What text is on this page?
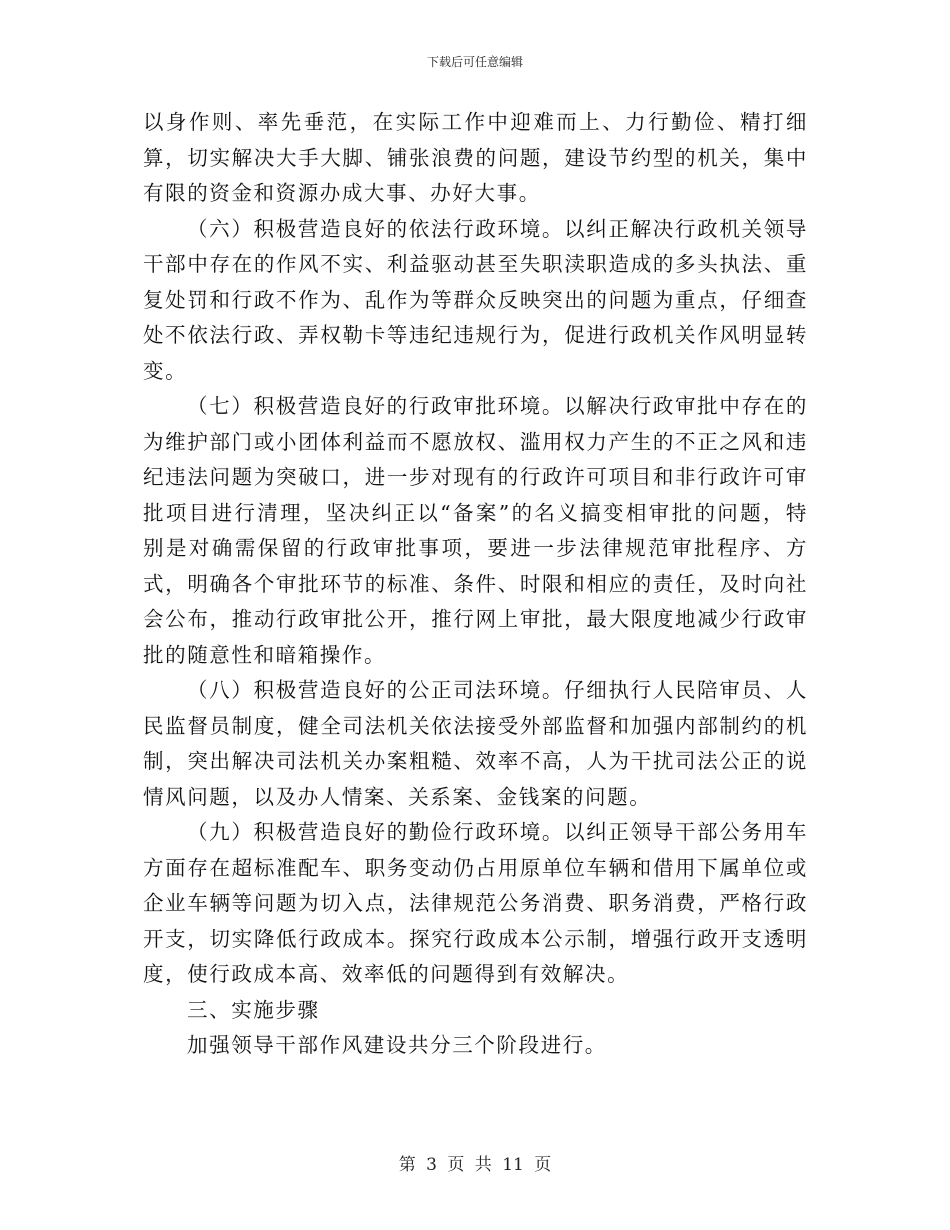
下载后可任意编辑

以身作则、率先垂范，在实际工作中迎难而上、力行勤俭、精打细算，切实解决大手大脚、铺张浪费的问题，建设节约型的机关，集中有限的资金和资源办成大事、办好大事。

（六）积极营造良好的依法行政环境。以纠正解决行政机关领导干部中存在的作风不实、利益驱动甚至失职渎职造成的多头执法、重复处罚和行政不作为、乱作为等群众反映突出的问题为重点，仔细查处不依法行政、弄权勒卡等违纪违规行为，促进行政机关作风明显转变。

（七）积极营造良好的行政审批环境。以解决行政审批中存在的为维护部门或小团体利益而不愿放权、滥用权力产生的不正之风和违纪违法问题为突破口，进一步对现有的行政许可项目和非行政许可审批项目进行清理，坚决纠正以“备案”的名义搞变相审批的问题，特别是对确需保留的行政审批事项，要进一步法律规范审批程序、方式，明确各个审批环节的标准、条件、时限和相应的责任，及时向社会公布，推动行政审批公开，推行网上审批，最大限度地减少行政审批的随意性和暗箱操作。

（八）积极营造良好的公正司法环境。仔细执行人民陪审员、人民监督员制度，健全司法机关依法接受外部监督和加强内部制约的机制，突出解决司法机关办案粗糙、效率不高，人为干扰司法公正的说情风问题，以及办人情案、关系案、金钱案的问题。

（九）积极营造良好的勤俭行政环境。以纠正领导干部公务用车方面存在超标准配车、职务变动仍占用原单位车辆和借用下属单位或企业车辆等问题为切入点，法律规范公务消费、职务消费，严格行政开支，切实降低行政成本。探究行政成本公示制，增强行政开支透明度，使行政成本高、效率低的问题得到有效解决。

三、实施步骤

加强领导干部作风建设共分三个阶段进行。

第 3 页 共 11 页
